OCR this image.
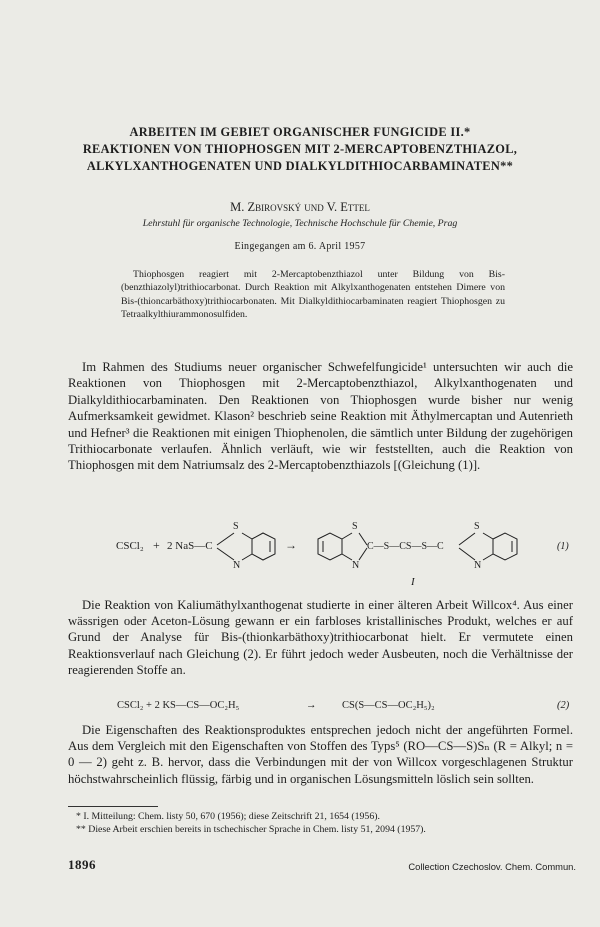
ARBEITEN IM GEBIET ORGANISCHER FUNGICIDE II.*
REAKTIONEN VON THIOPHOSGEN MIT 2-MERCAPTOBENZTHIAZOL,
ALKYLXANTHOGENATEN UND DIALKYLDITHIOCARBAMINATEN**
M. Zbirovský und V. Ettel
Lehrstuhl für organische Technologie, Technische Hochschule für Chemie, Prag
Eingegangen am 6. April 1957

Thiophosgen reagiert mit 2-Mercaptobenzthiazol unter Bildung von Bis-(benzthiazolyl)trithiocarbonat. Durch Reaktion mit Alkylxanthogenaten entstehen Dimere von Bis-(thioncarbäthoxy)trithiocarbonaten. Mit Dialkyldithiocarbaminaten reagiert Thiophosgen zu Tetraalkylthiurammonosulfiden.

Im Rahmen des Studiums neuer organischer Schwefelfungicide¹ untersuchten wir auch die Reaktionen von Thiophosgen mit 2-Mercaptobenzthiazol, Alkylxanthogenaten und Dialkyldithiocarbaminaten. Den Reaktionen von Thiophosgen wurde bisher nur wenig Aufmerksamkeit gewidmet. Klason² beschrieb seine Reaktion mit Äthylmercaptan und Autenrieth und Hefner³ die Reaktionen mit einigen Thiophenolen, die sämtlich unter Bildung der zugehörigen Trithiocarbonate verlaufen. Ähnlich verläuft, wie wir feststellten, auch die Reaktion von Thiophosgen mit dem Natriumsalz des 2-Mercaptobenzthiazols [(Gleichung (1)].

CSCl₂ + 2 NaS—C
S
N
→
S
N
C—S—CS—S—C
S
N
(1)
I

Die Reaktion von Kaliumäthylxanthogenat studierte in einer älteren Arbeit Willcox⁴. Aus einer wässrigen oder Aceton-Lösung gewann er ein farbloses kristallinisches Produkt, welches er auf Grund der Analyse für Bis-(thionkarbäthoxy)trithiocarbonat hielt. Er vermutete einen Reaktionsverlauf nach Gleichung (2). Er führt jedoch weder Ausbeuten, noch die Verhältnisse der reagierenden Stoffe an.

CSCl₂ + 2 KS—CS—OC₂H₅	→ CS(S—CS—OC₂H₅)₂	(2)

Die Eigenschaften des Reaktionsproduktes entsprechen jedoch nicht der angeführten Formel. Aus dem Vergleich mit den Eigenschaften von Stoffen des Typs⁵ (RO—CS—S)Sₙ (R = Alkyl; n = 0 — 2) geht z. B. hervor, dass die Verbindungen mit der von Willcox vorgeschlagenen Struktur höchstwahrscheinlich flüssig, färbig und in organischen Lösungsmitteln löslich sein sollten.

* I. Mitteilung: Chem. listy 50, 670 (1956); diese Zeitschrift 21, 1654 (1956).
** Diese Arbeit erschien bereits in tschechischer Sprache in Chem. listy 51, 2094 (1957).
1896	Collection Czechoslov. Chem. Commun.
